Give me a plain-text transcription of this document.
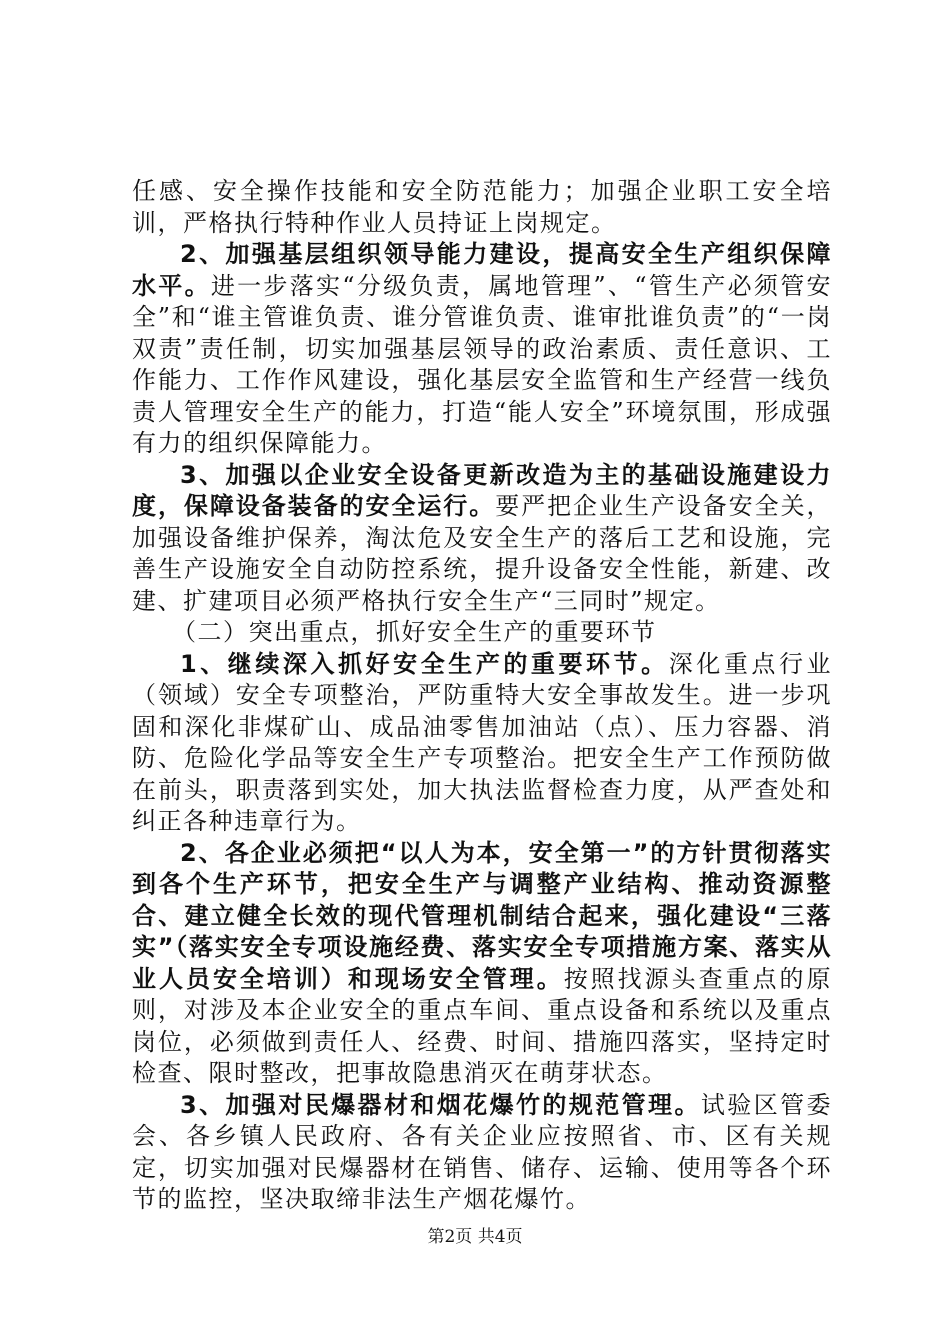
任感、安全操作技能和安全防范能力；加强企业职工安全培训，严格执行特种作业人员持证上岗规定。

2、加强基层组织领导能力建设，提高安全生产组织保障水平。进一步落实“分级负责，属地管理”、“管生产必须管安全”和“谁主管谁负责、谁分管谁负责、谁审批谁负责”的“一岗双责”责任制，切实加强基层领导的政治素质、责任意识、工作能力、工作作风建设，强化基层安全监管和生产经营一线负责人管理安全生产的能力，打造“能人安全”环境氛围，形成强有力的组织保障能力。

3、加强以企业安全设备更新改造为主的基础设施建设力度，保障设备装备的安全运行。要严把企业生产设备安全关，加强设备维护保养，淘汰危及安全生产的落后工艺和设施，完善生产设施安全自动防控系统，提升设备安全性能，新建、改建、扩建项目必须严格执行安全生产“三同时”规定。

（二）突出重点，抓好安全生产的重要环节

1、继续深入抓好安全生产的重要环节。深化重点行业（领域）安全专项整治，严防重特大安全事故发生。进一步巩固和深化非煤矿山、成品油零售加油站（点）、压力容器、消防、危险化学品等安全生产专项整治。把安全生产工作预防做在前头，职责落到实处，加大执法监督检查力度，从严查处和纠正各种违章行为。

2、各企业必须把“以人为本，安全第一”的方针贯彻落实到各个生产环节，把安全生产与调整产业结构、推动资源整合、建立健全长效的现代管理机制结合起来，强化建设“三落实”（落实安全专项设施经费、落实安全专项措施方案、落实从业人员安全培训）和现场安全管理。按照找源头查重点的原则，对涉及本企业安全的重点车间、重点设备和系统以及重点岗位，必须做到责任人、经费、时间、措施四落实，坚持定时检查、限时整改，把事故隐患消灭在萌芽状态。

3、加强对民爆器材和烟花爆竹的规范管理。试验区管委会、各乡镇人民政府、各有关企业应按照省、市、区有关规定，切实加强对民爆器材在销售、储存、运输、使用等各个环节的监控，坚决取缔非法生产烟花爆竹。

第2页 共4页
